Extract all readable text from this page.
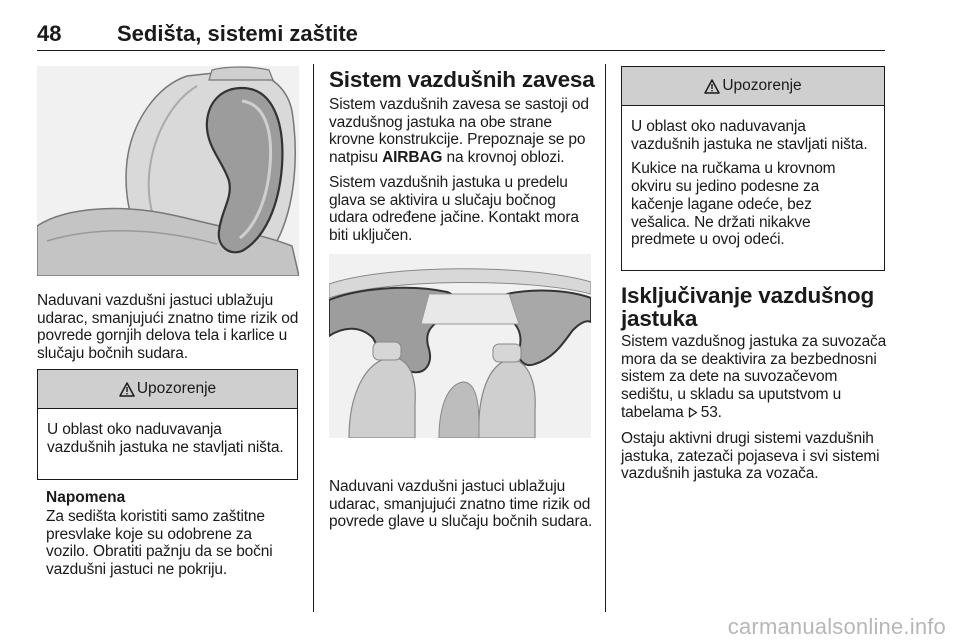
48	Sedišta, sistemi zaštite

Naduvani vazdušni jastuci ublažuju udarac, smanjujući znatno time rizik od povrede gornjih delova tela i karlice u slučaju bočnih sudara.

Upozorenje

U oblast oko naduvavanja vazdušnih jastuka ne stavljati ništa.

Napomena

Za sedišta koristiti samo zaštitne presvlake koje su odobrene za vozilo. Obratiti pažnju da se bočni vazdušni jastuci ne pokriju.

Sistem vazdušnih zavesa

Sistem vazdušnih zavesa se sastoji od vazdušnog jastuka na obe strane krovne konstrukcije. Prepoznaje se po natpisu AIRBAG na krovnoj oblozi.

Sistem vazdušnih jastuka u predelu glava se aktivira u slučaju bočnog udara određene jačine. Kontakt mora biti uključen.

Naduvani vazdušni jastuci ublažuju udarac, smanjujući znatno time rizik od povrede glave u slučaju bočnih sudara.

Upozorenje

U oblast oko naduvavanja vazdušnih jastuka ne stavljati ništa.

Kukice na ručkama u krovnom okviru su jedino podesne za kačenje lagane odeće, bez vešalica. Ne držati nikakve predmete u ovoj odeći.

Isključivanje vazdušnog jastuka

Sistem vazdušnog jastuka za suvozača mora da se deaktivira za bezbednosni sistem za dete na suvozačevom sedištu, u skladu sa uputstvom u tabelama 53.

Ostaju aktivni drugi sistemi vazdušnih jastuka, zatezači pojaseva i svi sistemi vazdušnih jastuka za vozača.

carmanualsonline.info
